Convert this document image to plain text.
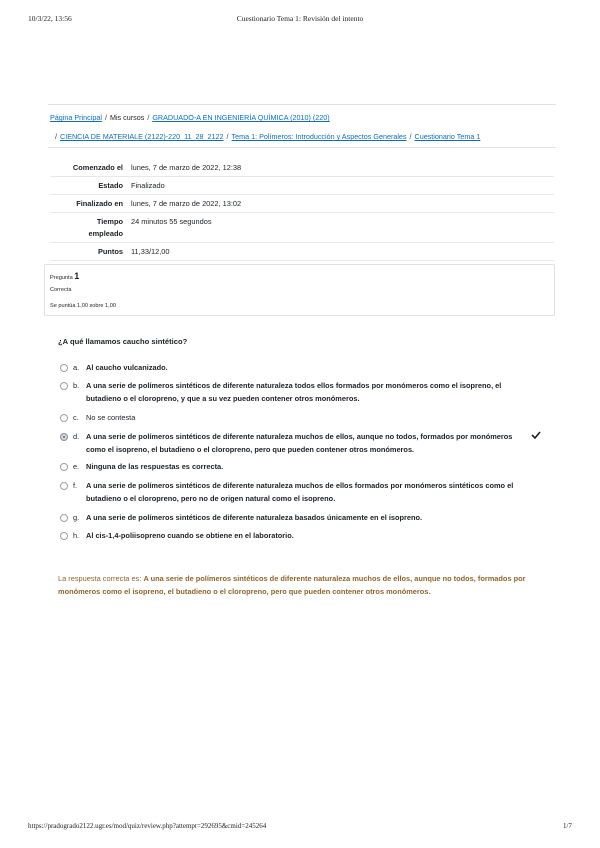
10/3/22, 13:56	Cuestionario Tema 1: Revisión del intento
Página Principal / Mis cursos / GRADUADO-A EN INGENIERÍA QUÍMICA (2010) (220)
/ CIENCIA DE MATERIALE (2122)-220_11_28_2122 / Tema 1: Polímeros: Introducción y Aspectos Generales / Cuestionario Tema 1
Comenzado el	lunes, 7 de marzo de 2022, 12:38
Estado	Finalizado
Finalizado en	lunes, 7 de marzo de 2022, 13:02
Tiempo empleado
24 minutos 55 segundos
Puntos	11,33/12,00
Pregunta 1
Correcta
Se puntúa 1,00 sobre 1,00
¿A qué llamamos caucho sintético?
a. Al caucho vulcanizado.
b. A una serie de polímeros sintéticos de diferente naturaleza todos ellos formados por monómeros como el isopreno, el butadieno o el cloropreno, y que a su vez pueden contener otros monómeros.
c. No se contesta
d. A una serie de polímeros sintéticos de diferente naturaleza muchos de ellos, aunque no todos, formados por monómeros como el isopreno, el butadieno o el cloropreno, pero que pueden contener otros monómeros.
e. Ninguna de las respuestas es correcta.
f.	A una serie de polímeros sintéticos de diferente naturaleza muchos de ellos formados por monómeros sintéticos como el butadieno o el cloropreno, pero no de origen natural como el isopreno.
g. A una serie de polímeros sintéticos de diferente naturaleza basados únicamente en el isopreno.
h. Al cis-1,4-poliisopreno cuando se obtiene en el laboratorio.
La respuesta correcta es: A una serie de polímeros sintéticos de diferente naturaleza muchos de ellos, aunque no todos, formados por monómeros como el isopreno, el butadieno o el cloropreno, pero que pueden contener otros monómeros.
https://pradogrado2122.ugr.es/mod/quiz/review.php?attempt=292695&cmid=245264	1/7
